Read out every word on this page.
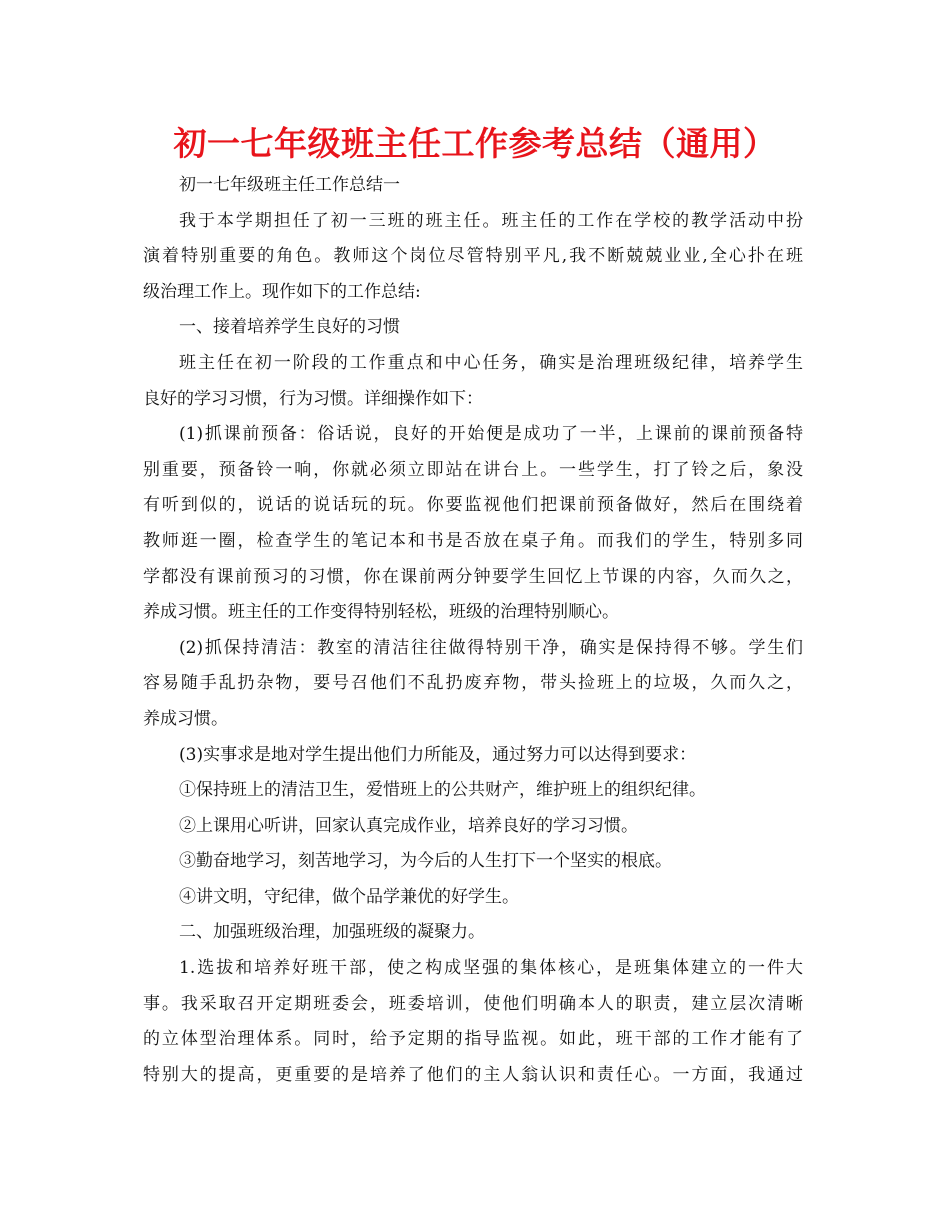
初一七年级班主任工作参考总结（通用）
初一七年级班主任工作总结一
我于本学期担任了初一三班的班主任。班主任的工作在学校的教学活动中扮
演着特别重要的角色。教师这个岗位尽管特别平凡,我不断兢兢业业,全心扑在班
级治理工作上。现作如下的工作总结:
一、接着培养学生良好的习惯
班主任在初一阶段的工作重点和中心任务，确实是治理班级纪律，培养学生
良好的学习习惯，行为习惯。详细操作如下：
(1)抓课前预备：俗话说，良好的开始便是成功了一半，上课前的课前预备特
别重要，预备铃一响，你就必须立即站在讲台上。一些学生，打了铃之后，象没
有听到似的，说话的说话玩的玩。你要监视他们把课前预备做好，然后在围绕着
教师逛一圈，检查学生的笔记本和书是否放在桌子角。而我们的学生，特别多同
学都没有课前预习的习惯，你在课前两分钟要学生回忆上节课的内容，久而久之，
养成习惯。班主任的工作变得特别轻松，班级的治理特别顺心。
(2)抓保持清洁：教室的清洁往往做得特别干净，确实是保持得不够。学生们
容易随手乱扔杂物，要号召他们不乱扔废弃物，带头捡班上的垃圾，久而久之，
养成习惯。
(3)实事求是地对学生提出他们力所能及，通过努力可以达得到要求：
①保持班上的清洁卫生，爱惜班上的公共财产，维护班上的组织纪律。
②上课用心听讲，回家认真完成作业，培养良好的学习习惯。
③勤奋地学习，刻苦地学习，为今后的人生打下一个坚实的根底。
④讲文明，守纪律，做个品学兼优的好学生。
二、加强班级治理，加强班级的凝聚力。
1.选拔和培养好班干部，使之构成坚强的集体核心，是班集体建立的一件大
事。我采取召开定期班委会，班委培训，使他们明确本人的职责，建立层次清晰
的立体型治理体系。同时，给予定期的指导监视。如此，班干部的工作才能有了
特别大的提高，更重要的是培养了他们的主人翁认识和责任心。一方面，我通过
